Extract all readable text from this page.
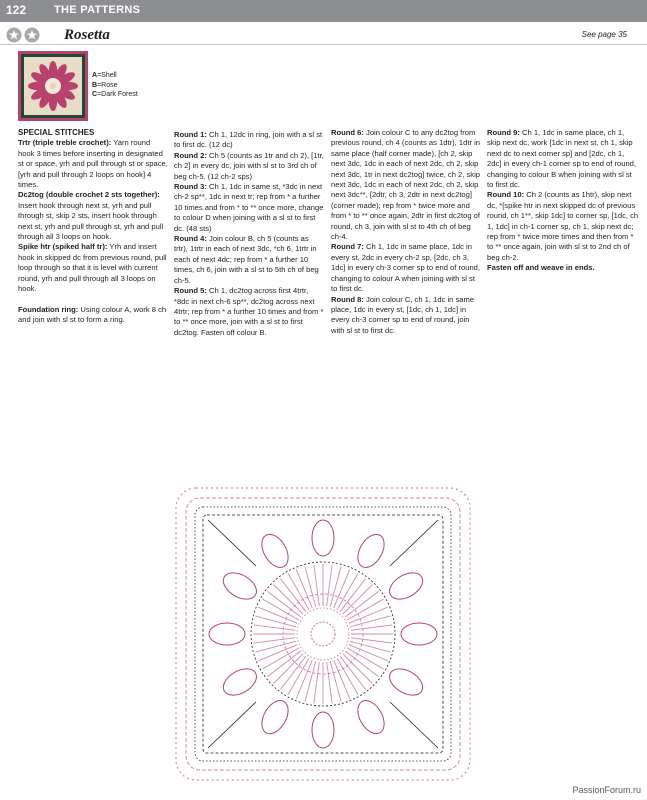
122	THE PATTERNS
Rosetta	See page 35
A=Shell
B=Rose
C=Dark Forest

SPECIAL STITCHES

Trtr (triple treble crochet): Yarn round hook 3 times before inserting in designated st or space, yrh and pull through st or space, [yrh and pull through 2 loops on hook] 4 times.

Dc2tog (double crochet 2 sts together): Insert hook through next st, yrh and pull through st, skip 2 sts, insert hook through next st, yrh and pull through st, yrh and pull through all 3 loops on hook.

Spike htr (spiked half tr): Yrh and insert hook in skipped dc from previous round, pull loop through so that it is level with current round, yrh and pull through all 3 loops on hook.

Foundation ring: Using colour A, work 8 ch and join with sl st to form a ring.

Round 1: Ch 1, 12dc in ring, join with a sl st to first dc. (12 dc)

Round 2: Ch 5 (counts as 1tr and ch 2), [1tr, ch 2] in every dc, join with sl st to 3rd ch of beg ch-5. (12 ch-2 sps)

Round 3: Ch 1, 1dc in same st, *3dc in next ch-2 sp**, 1dc in next tr; rep from * a further 10 times and from * to ** once more, change to colour D when joining with a sl st to first dc. (48 sts)

Round 4: Join colour B, ch 5 (counts as trtr), 1trtr in each of next 3dc, *ch 6, 1trtr in each of next 4dc; rep from * a further 10 times, ch 6, join with a sl st to 5th ch of beg ch-5.

Round 5: Ch 1, dc2tog across first 4trtr, *8dc in next ch-6 sp**, dc2tog across next 4trtr; rep from * a further 10 times and from * to ** once more, join with a sl st to first dc2tog. Fasten off colour B.

Round 6: Join colour C to any dc2tog from previous round, ch 4 (counts as 1dtr), 1dtr in same place (half corner made), [ch 2, skip next 3dc, 1dc in each of next 2dc, ch 2, skip next 3dc, 1tr in next dc2tog] twice, ch 2, skip next 3dc, 1dc in each of next 2dc, ch 2, skip next 3dc**, [2dtr, ch 3, 2dtr in next dc2tog] (corner made); rep from * twice more and from * to ** once again, 2dtr in first dc2tog of round, ch 3, join with sl st to 4th ch of beg ch-4.

Round 7: Ch 1, 1dc in same place, 1dc in every st, 2dc in every ch-2 sp, [2dc, ch 3, 1dc] in every ch-3 corner sp to end of round, changing to colour A when joining with sl st to first dc.

Round 8: Join colour C, ch 1, 1dc in same place, 1dc in every st, [1dc, ch 1, 1dc] in every ch-3 corner sp to end of round, join with sl st to first dc.

Round 9: Ch 1, 1dc in same place, ch 1, skip next dc, work [1dc in next st, ch 1, skip next dc to next corner sp] and [2dc, ch 1, 2dc] in every ch-1 corner sp to end of round, changing to colour B when joining with sl st to first dc.

Round 10: Ch 2 (counts as 1htr), skip next dc, *[spike htr in next skipped dc of previous round, ch 1**, skip 1dc] to corner sp, [1dc, ch 1, 1dc] in ch-1 corner sp, ch 1, skip next dc; rep from * twice more times and then from * to ** once again, join with sl st to 2nd ch of beg ch-2.

Fasten off and weave in ends.

PassionForum.ru
